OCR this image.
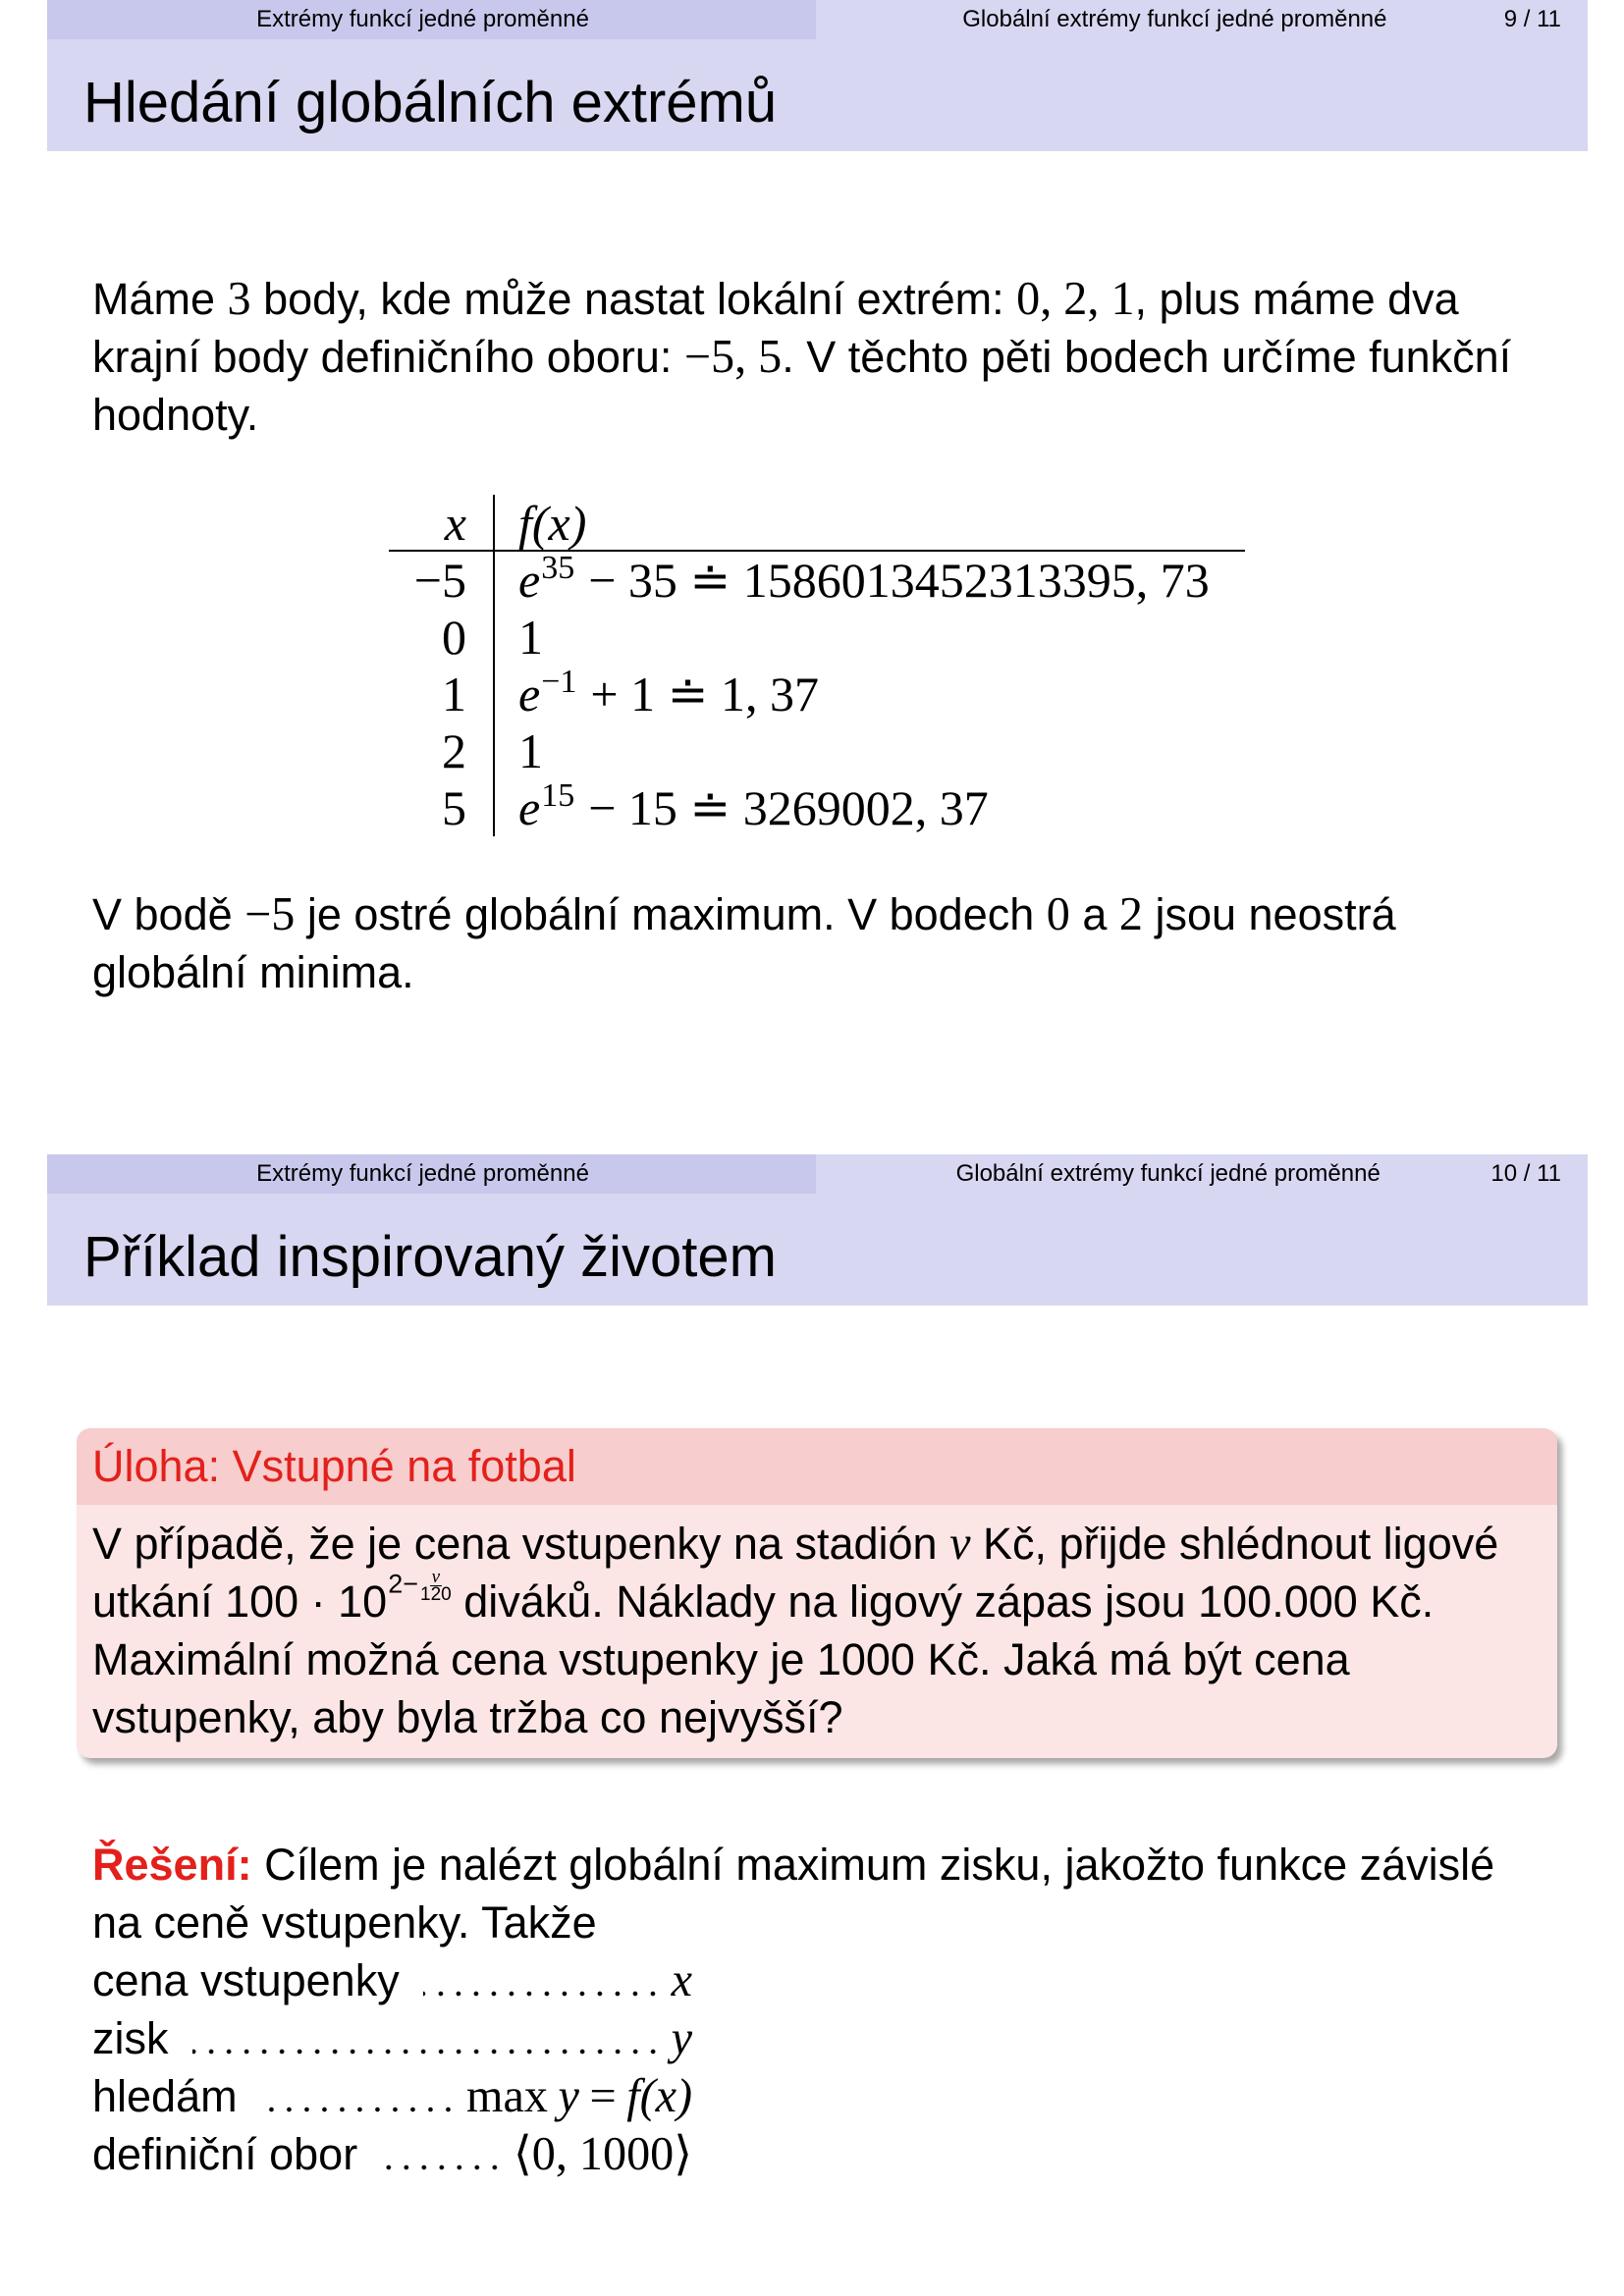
Extrémy funkcí jedné proměnné	Globální extrémy funkcí jedné proměnné	9 / 11
Hledání globálních extrémů
Máme 3 body, kde může nastat lokální extrém: 0, 2, 1, plus máme dva
krajní body definičního oboru: −5, 5. V těchto pěti bodech určíme funkční
hodnoty.
x	f(x)
−5	$e^{35} - 35$ ≐ 1586013452313395, 73
0	1
1	$e^{-1} + 1$ ≐ 1, 37
2	1
5	$e^{15} - 15$ ≐ 3269002, 37
V bodě −5 je ostré globální maximum. V bodech 0 a 2 jsou neostrá
globální minima.
Extrémy funkcí jedné proměnné	Globální extrémy funkcí jedné proměnné	10 / 11
Příklad inspirovaný životem
Úloha: Vstupné na fotbal
V případě, že je cena vstupenky na stadión v Kč, přijde shlédnout ligové
utkání $100 \cdot 102- \frac{v}{120}$ diváků. Náklady na ligový zápas jsou 100.000 Kč.
Maximální možná cena vstupenky je 1000 Kč. Jaká má být cena
vstupenky, aby byla tržba co nejvyšší?
Řešení: Cílem je nalézt globální maximum zisku, jakožto funkce závislé
na ceně vstupenky. Takže
cena vstupenky	x
zisk	y
hledám	max y = f(x)
definiční obor	⟨0, 1000⟩
